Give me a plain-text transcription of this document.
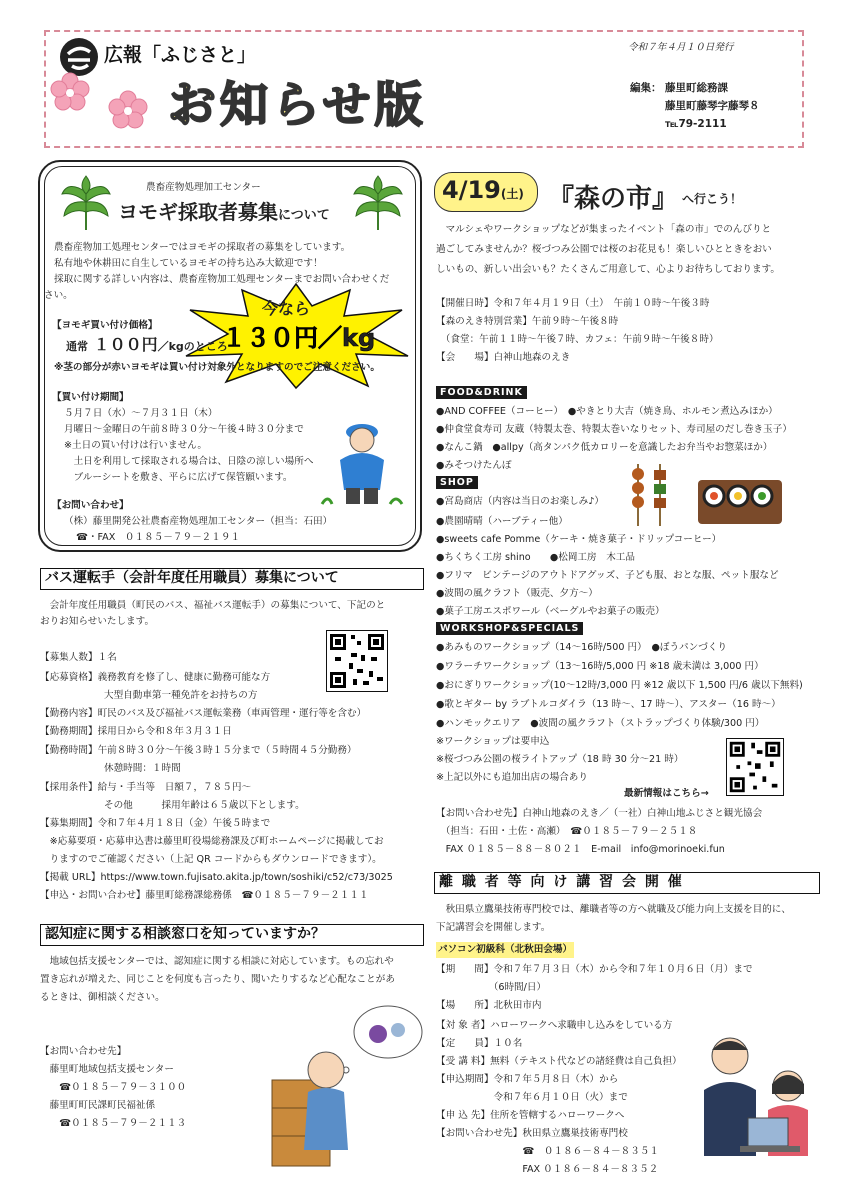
広報「ふじさと」
お知らせ版
令和７年４月１０日発行
編集： 藤里町総務課
藤里町藤琴字藤琴８
℡79-2111
農畜産物処理加工センター
ヨモギ採取者募集について
農畜産物加工処理センターではヨモギの採取者の募集をしています。
私有地や休耕田に自生しているヨモギの持ち込み大歓迎です！
採取に関する詳しい内容は、農畜産物加工処理センターまでお問い合わせくだ
さい。
今なら
１３０円／kg
【ヨモギ買い付け価格】
通常 １００円／kgのところ
※茎の部分が赤いヨモギは買い付け対象外となりますのでご注意ください。
【買い付け期間】
５月７日（水）～７月３１日（木）
月曜日～金曜日の午前８時３０分～午後４時３０分まで
※土日の買い付けは行いません。
　土日を利用して採取される場合は、日陰の涼しい場所へ
　ブルーシートを敷き、平らに広げて保管願います。
【お問い合わせ】
（株）藤里開発公社農畜産物処理加工センター（担当：石田）
☎・FAX　０１８５－７９－２１９１
バス運転手（会計年度任用職員）募集について
　会計年度任用職員（町民のバス、福祉バス運転手）の募集について、下記のと
おりお知らせいたします。
【募集人数】１名
【応募資格】義務教育を修了し、健康に勤務可能な方
大型自動車第一種免許をお持ちの方
【勤務内容】町民のバス及び福祉バス運転業務（車両管理・運行等を含む）
【勤務期間】採用日から令和８年３月３１日
【勤務時間】午前８時３０分～午後３時１５分まで（５時間４５分勤務）
休憩時間：１時間
【採用条件】給与・手当等　日額７，７８５円～
その他　　　採用年齢は６５歳以下とします。
【募集期間】令和７年４月１８日（金）午後５時まで
　※応募要項・応募申込書は藤里町役場総務課及び町ホームページに掲載してお
　りますのでご確認ください（上記 QR コードからもダウンロードできます）。
【掲載 URL】https://www.town.fujisato.akita.jp/town/soshiki/c52/c73/3025
【申込・お問い合わせ】藤里町総務課総務係　☎０１８５－７９－２１１１
認知症に関する相談窓口を知っていますか？
　地域包括支援センターでは、認知症に関する相談に対応しています。もの忘れや
置き忘れが増えた、同じことを何度も言ったり、聞いたりするなど心配なことがあ
るときは、御相談ください。
【お問い合わせ先】
　藤里町地域包括支援センター
　　☎０１８５－７９－３１００
　藤里町町民課町民福祉係
　　☎０１８５－７９－２１１３
4/19(土) 『森の市』 へ行こう！
　マルシェやワークショップなどが集まったイベント「森の市」でのんびりと
過ごしてみませんか？桜づつみ公園では桜のお花見も！楽しいひとときをおい
しいもの、新しい出会いも？たくさんご用意して、心よりお待ちしております。
【開催日時】令和７年４月１９日（土）　午前１０時～午後３時
【森のえき特別営業】午前９時～午後８時
　（食堂：午前１１時～午後７時、カフェ：午前９時～午後８時）
【会　　場】白神山地森のえき
FOOD&DRINK
●AND COFFEE（コーヒー）　●やきとり大吉（焼き鳥、ホルモン煮込みほか）
●仲食堂食寿司 友蔵（特製太巻、特製太巻いなりセット、寿司屋のだし巻き玉子）
●なんこ鍋　●allpy（高タンパク低カロリーを意識したお弁当やお惣菜ほか）
●みそつけたんぽ
SHOP
●宮島商店（内容は当日のお楽しみ♪）
●農園晴晴（ハーブティー他）
●sweets cafe Pomme（ケーキ・焼き菓子・ドリップコーヒー）
●ちくちく工房 shino　　●松岡工房　木工品
●フリマ　ビンテージのアウトドアグッズ、子ども服、おとな服、ペット服など
●波間の風クラフト（販売、夕方～）
●菓子工房エスポワール（ベーグルやお菓子の販売）
WORKSHOP&SPECIALS
●あみものワークショップ（14～16時/500 円）　●ぼうパンづくり
●ワラーチワークショップ（13～16時/5,000 円 ※18 歳未満は 3,000 円）
●おにぎりワークショップ(10～12時/3,000 円 ※12 歳以下 1,500 円/6 歳以下無料)
●歌とギター by ラブトルコダイラ（13 時～、17 時～）、アスター（16 時～）
●ハンモックエリア　●波間の風クラフト（ストラップづくり体験/300 円）
※ワークショップは要申込
※桜づつみ公園の桜ライトアップ（18 時 30 分～21 時）
※上記以外にも追加出店の場合あり
最新情報はこちら→
【お問い合わせ先】白神山地森のえき／（一社）白神山地ふじさと観光協会
　（担当：石田・土佐・高瀬）　☎０１８５－７９－２５１８
　FAX ０１８５－８８－８０２１　E-mail　info@morinoeki.fun
離 職 者 等 向 け 講 習 会 開 催
　秋田県立鷹巣技術専門校では、離職者等の方へ就職及び能力向上支援を目的に、
下記講習会を開催します。
パソコン初級科（北秋田会場）
【期　　間】令和７年７月３日（木）から令和７年１０月６日（月）まで
　　　　　　（6時間/日）
【場　　所】北秋田市内
【対 象 者】ハローワークへ求職申し込みをしている方
【定　　員】１０名
【受 講 料】無料（テキスト代などの諸経費は自己負担）
【申込期間】令和７年５月８日（木）から
　　　　　　令和７年６月１０日（火）まで
【申 込 先】住所を管轄するハローワークへ
【お問い合わせ先】秋田県立鷹巣技術専門校
　　　　　　　　　☎　０１８６－８４－８３５１
　　　　　　　　　FAX ０１８６－８４－８３５２
